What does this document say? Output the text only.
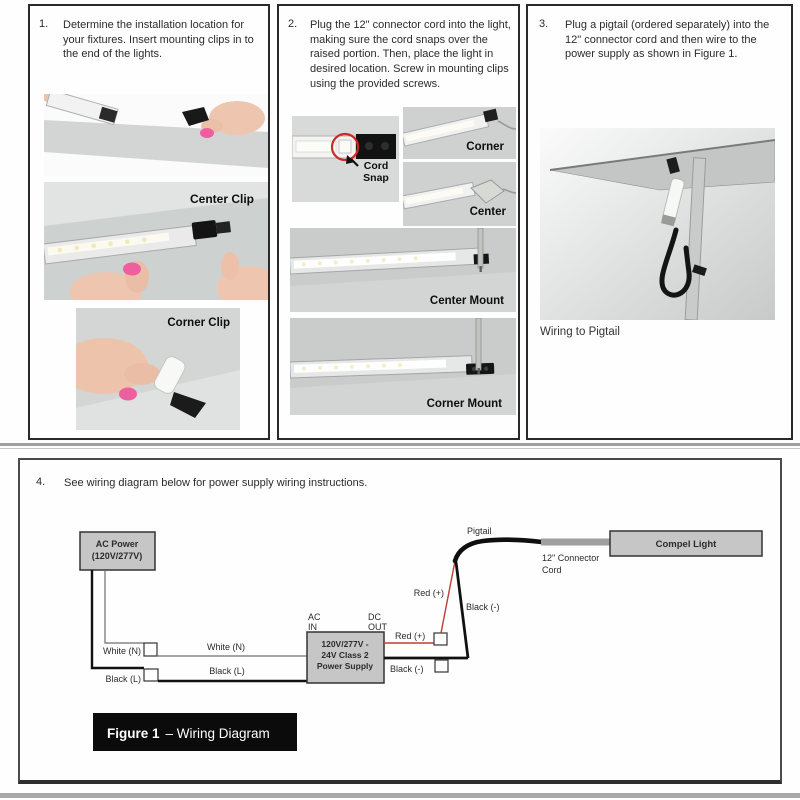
1. Determine the installation location for your fixtures. Insert mounting clips in to the end of the lights.
Center Clip
Corner Clip
2. Plug the 12" connector cord into the light, making sure the cord snaps over the raised portion. Then, place the light in desired location. Screw in mounting clips using the provided screws.
Cord
Snap
Corner
Center
Center Mount
Corner Mount
3. Plug a pigtail (ordered separately) into the 12" connector cord and then wire to the power supply as shown in Figure 1.
Wiring to Pigtail
4. See wiring diagram below for power supply wiring instructions.
AC Power
(120V/277V)
White (N)	White (N)
Black (L)
Black (L)
120V/277V -
24V Class 2
Power Supply
AC
IN
DC
OUT
Red (+)
Red (+)
Black (-)
Black (-)
Compel Light
Pigtail
12" Connector
Cord
Figure 1 – Wiring Diagram
